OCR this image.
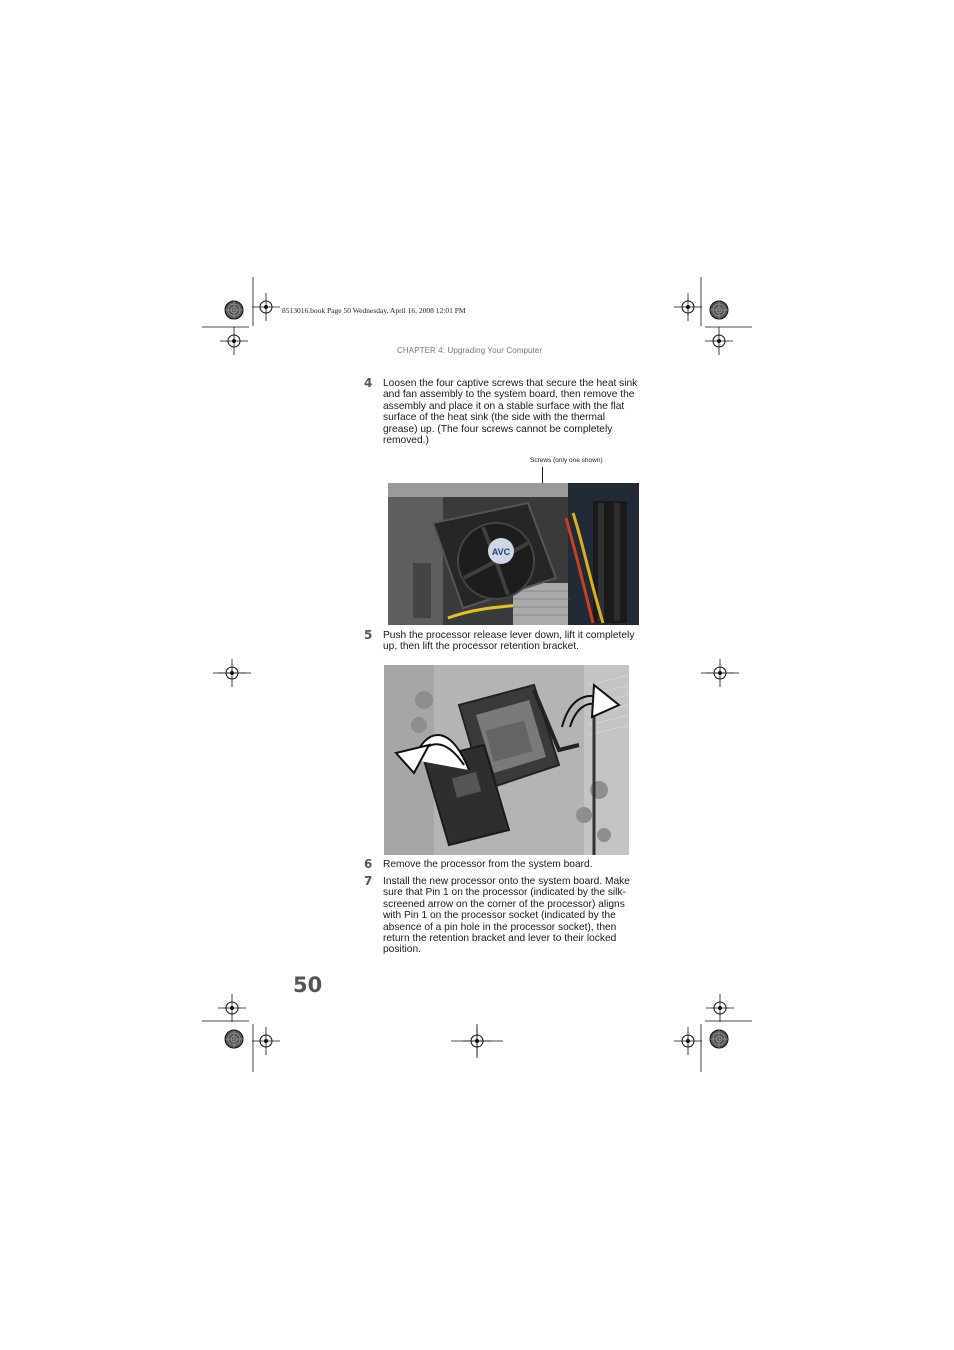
8513016.book Page 50 Wednesday, April 16, 2008 12:01 PM
CHAPTER 4: Upgrading Your Computer
4	Loosen the four captive screws that secure the heat sink and fan assembly to the system board, then remove the assembly and place it on a stable surface with the flat surface of the heat sink (the side with the thermal grease) up. (The four screws cannot be completely removed.)
Screws (only one shown)
AVC
5	Push the processor release lever down, lift it completely up, then lift the processor retention bracket.
6	Remove the processor from the system board.
7	Install the new processor onto the system board. Make sure that Pin 1 on the processor (indicated by the silk-screened arrow on the corner of the processor) aligns with Pin 1 on the processor socket (indicated by the absence of a pin hole in the processor socket), then return the retention bracket and lever to their locked position.
50
